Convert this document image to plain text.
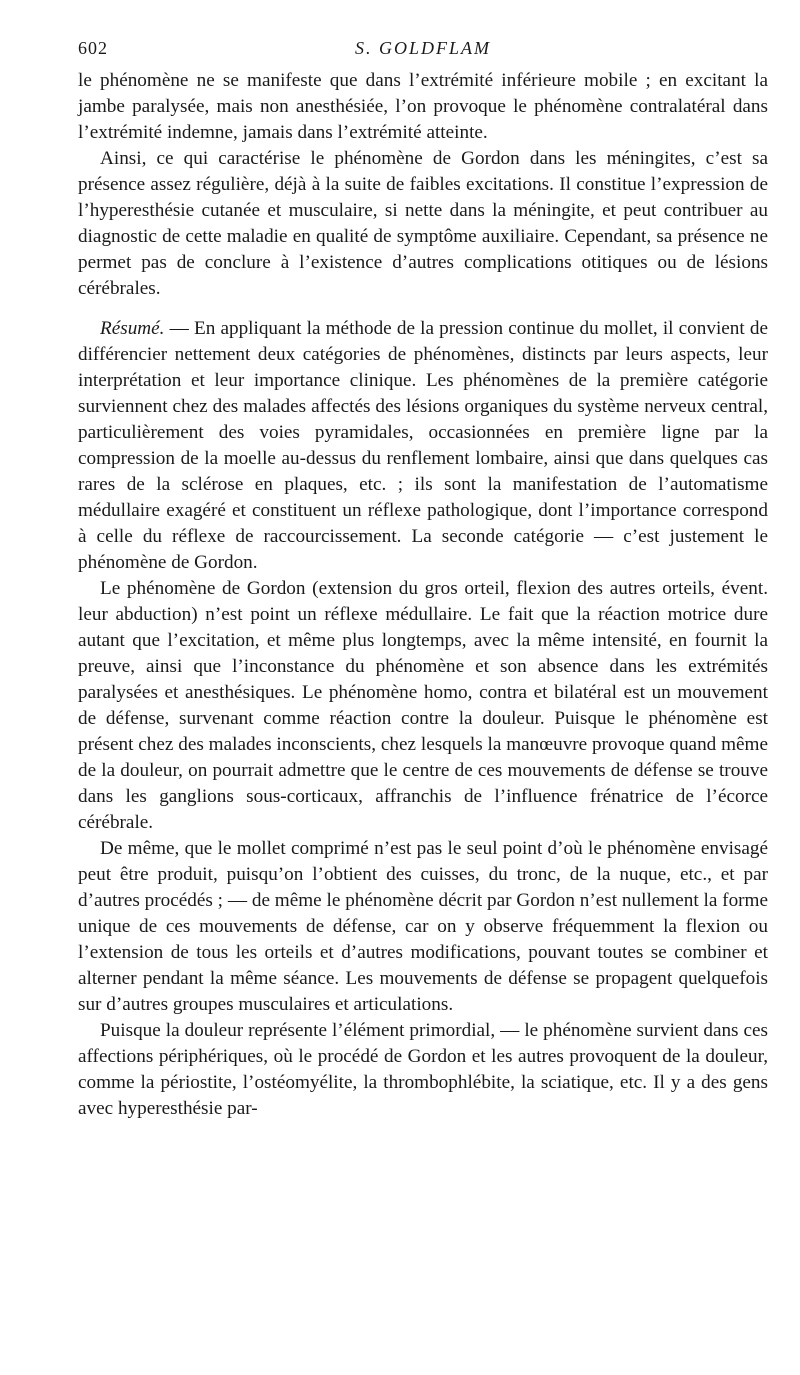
602	S. GOLDFLAM

le phénomène ne se manifeste que dans l’extrémité inférieure mobile ; en excitant la jambe paralysée, mais non anesthésiée, l’on provoque le phénomène contralatéral dans l’extrémité indemne, jamais dans l’extrémité atteinte.

Ainsi, ce qui caractérise le phénomène de Gordon dans les méningites, c’est sa présence assez régulière, déjà à la suite de faibles excitations. Il constitue l’expression de l’hyperesthésie cutanée et musculaire, si nette dans la méningite, et peut contribuer au diagnostic de cette maladie en qualité de symptôme auxiliaire. Cependant, sa présence ne permet pas de conclure à l’existence d’autres complications otitiques ou de lésions cérébrales.

Résumé. — En appliquant la méthode de la pression continue du mollet, il convient de différencier nettement deux catégories de phénomènes, distincts par leurs aspects, leur interprétation et leur importance clinique. Les phénomènes de la première catégorie surviennent chez des malades affectés des lésions organiques du système nerveux central, particulièrement des voies pyramidales, occasionnées en première ligne par la compression de la moelle au-dessus du renflement lombaire, ainsi que dans quelques cas rares de la sclérose en plaques, etc. ; ils sont la manifestation de l’automatisme médullaire exagéré et constituent un réflexe pathologique, dont l’importance correspond à celle du réflexe de raccourcissement. La seconde catégorie — c’est justement le phénomène de Gordon.

Le phénomène de Gordon (extension du gros orteil, flexion des autres orteils, évent. leur abduction) n’est point un réflexe médullaire. Le fait que la réaction motrice dure autant que l’excitation, et même plus longtemps, avec la même intensité, en fournit la preuve, ainsi que l’inconstance du phénomène et son absence dans les extrémités paralysées et anesthésiques. Le phénomène homo, contra et bilatéral est un mouvement de défense, survenant comme réaction contre la douleur. Puisque le phénomène est présent chez des malades inconscients, chez lesquels la manœuvre provoque quand même de la douleur, on pourrait admettre que le centre de ces mouvements de défense se trouve dans les ganglions sous-corticaux, affranchis de l’influence frénatrice de l’écorce cérébrale.

De même, que le mollet comprimé n’est pas le seul point d’où le phénomène envisagé peut être produit, puisqu’on l’obtient des cuisses, du tronc, de la nuque, etc., et par d’autres procédés ; — de même le phénomène décrit par Gordon n’est nullement la forme unique de ces mouvements de défense, car on y observe fréquemment la flexion ou l’extension de tous les orteils et d’autres modifications, pouvant toutes se combiner et alterner pendant la même séance. Les mouvements de défense se propagent quelquefois sur d’autres groupes musculaires et articulations.

Puisque la douleur représente l’élément primordial, — le phénomène survient dans ces affections périphériques, où le procédé de Gordon et les autres provoquent de la douleur, comme la périostite, l’ostéomyélite, la thrombophlébite, la sciatique, etc. Il y a des gens avec hyperesthésie par-
